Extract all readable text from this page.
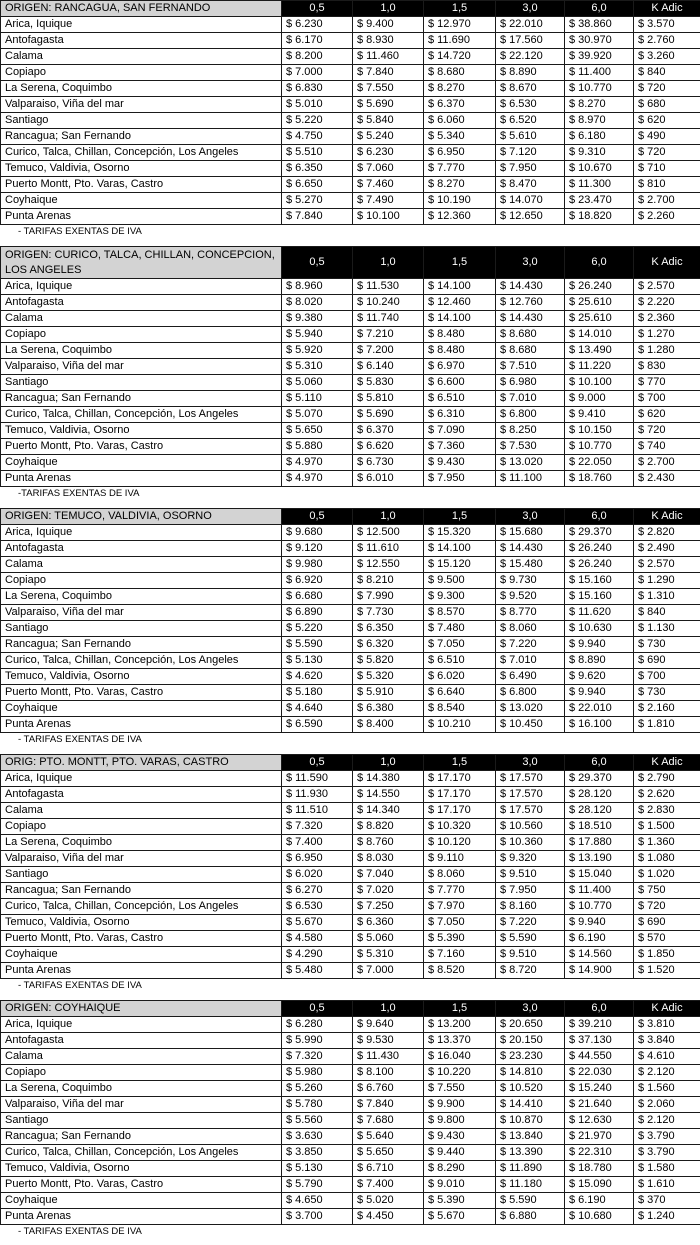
ORIGEN: RANCAGUA, SAN FERNANDO	0,5	1,0	1,5	3,0	6,0	K Adic
Arica, Iquique	$ 6.230	$ 9.400	$ 12.970	$ 22.010	$ 38.860	$ 3.570
Antofagasta	$ 6.170	$ 8.930	$ 11.690	$ 17.560	$ 30.970	$ 2.760
Calama	$ 8.200	$ 11.460	$ 14.720	$ 22.120	$ 39.920	$ 3.260
Copiapo	$ 7.000	$ 7.840	$ 8.680	$ 8.890	$ 11.400	$ 840
La Serena, Coquimbo	$ 6.830	$ 7.550	$ 8.270	$ 8.670	$ 10.770	$ 720
Valparaiso, Viña del mar	$ 5.010	$ 5.690	$ 6.370	$ 6.530	$ 8.270	$ 680
Santiago	$ 5.220	$ 5.840	$ 6.060	$ 6.520	$ 8.970	$ 620
Rancagua; San Fernando	$ 4.750	$ 5.240	$ 5.340	$ 5.610	$ 6.180	$ 490
Curico, Talca, Chillan, Concepción, Los Angeles	$ 5.510	$ 6.230	$ 6.950	$ 7.120	$ 9.310	$ 720
Temuco, Valdivia, Osorno	$ 6.350	$ 7.060	$ 7.770	$ 7.950	$ 10.670	$ 710
Puerto Montt, Pto. Varas, Castro	$ 6.650	$ 7.460	$ 8.270	$ 8.470	$ 11.300	$ 810
Coyhaique	$ 5.270	$ 7.490	$ 10.190	$ 14.070	$ 23.470	$ 2.700
Punta Arenas	$ 7.840	$ 10.100	$ 12.360	$ 12.650	$ 18.820	$ 2.260
- TARIFAS EXENTAS DE IVA
ORIGEN: CURICO, TALCA, CHILLAN, CONCEPCION, LOS ANGELES	0,5	1,0	1,5	3,0	6,0	K Adic
Arica, Iquique	$ 8.960	$ 11.530	$ 14.100	$ 14.430	$ 26.240	$ 2.570
Antofagasta	$ 8.020	$ 10.240	$ 12.460	$ 12.760	$ 25.610	$ 2.220
Calama	$ 9.380	$ 11.740	$ 14.100	$ 14.430	$ 25.610	$ 2.360
Copiapo	$ 5.940	$ 7.210	$ 8.480	$ 8.680	$ 14.010	$ 1.270
La Serena, Coquimbo	$ 5.920	$ 7.200	$ 8.480	$ 8.680	$ 13.490	$ 1.280
Valparaiso, Viña del mar	$ 5.310	$ 6.140	$ 6.970	$ 7.510	$ 11.220	$ 830
Santiago	$ 5.060	$ 5.830	$ 6.600	$ 6.980	$ 10.100	$ 770
Rancagua; San Fernando	$ 5.110	$ 5.810	$ 6.510	$ 7.010	$ 9.000	$ 700
Curico, Talca, Chillan, Concepción, Los Angeles	$ 5.070	$ 5.690	$ 6.310	$ 6.800	$ 9.410	$ 620
Temuco, Valdivia, Osorno	$ 5.650	$ 6.370	$ 7.090	$ 8.250	$ 10.150	$ 720
Puerto Montt, Pto. Varas, Castro	$ 5.880	$ 6.620	$ 7.360	$ 7.530	$ 10.770	$ 740
Coyhaique	$ 4.970	$ 6.730	$ 9.430	$ 13.020	$ 22.050	$ 2.700
Punta Arenas	$ 4.970	$ 6.010	$ 7.950	$ 11.100	$ 18.760	$ 2.430
-TARIFAS EXENTAS DE IVA
ORIGEN: TEMUCO, VALDIVIA, OSORNO	0,5	1,0	1,5	3,0	6,0	K Adic
Arica, Iquique	$ 9.680	$ 12.500	$ 15.320	$ 15.680	$ 29.370	$ 2.820
Antofagasta	$ 9.120	$ 11.610	$ 14.100	$ 14.430	$ 26.240	$ 2.490
Calama	$ 9.980	$ 12.550	$ 15.120	$ 15.480	$ 26.240	$ 2.570
Copiapo	$ 6.920	$ 8.210	$ 9.500	$ 9.730	$ 15.160	$ 1.290
La Serena, Coquimbo	$ 6.680	$ 7.990	$ 9.300	$ 9.520	$ 15.160	$ 1.310
Valparaiso, Viña del mar	$ 6.890	$ 7.730	$ 8.570	$ 8.770	$ 11.620	$ 840
Santiago	$ 5.220	$ 6.350	$ 7.480	$ 8.060	$ 10.630	$ 1.130
Rancagua; San Fernando	$ 5.590	$ 6.320	$ 7.050	$ 7.220	$ 9.940	$ 730
Curico, Talca, Chillan, Concepción, Los Angeles	$ 5.130	$ 5.820	$ 6.510	$ 7.010	$ 8.890	$ 690
Temuco, Valdivia, Osorno	$ 4.620	$ 5.320	$ 6.020	$ 6.490	$ 9.620	$ 700
Puerto Montt, Pto. Varas, Castro	$ 5.180	$ 5.910	$ 6.640	$ 6.800	$ 9.940	$ 730
Coyhaique	$ 4.640	$ 6.380	$ 8.540	$ 13.020	$ 22.010	$ 2.160
Punta Arenas	$ 6.590	$ 8.400	$ 10.210	$ 10.450	$ 16.100	$ 1.810
- TARIFAS EXENTAS DE IVA
ORIG: PTO. MONTT, PTO. VARAS, CASTRO	0,5	1,0	1,5	3,0	6,0	K Adic
Arica, Iquique	$ 11.590	$ 14.380	$ 17.170	$ 17.570	$ 29.370	$ 2.790
Antofagasta	$ 11.930	$ 14.550	$ 17.170	$ 17.570	$ 28.120	$ 2.620
Calama	$ 11.510	$ 14.340	$ 17.170	$ 17.570	$ 28.120	$ 2.830
Copiapo	$ 7.320	$ 8.820	$ 10.320	$ 10.560	$ 18.510	$ 1.500
La Serena, Coquimbo	$ 7.400	$ 8.760	$ 10.120	$ 10.360	$ 17.880	$ 1.360
Valparaiso, Viña del mar	$ 6.950	$ 8.030	$ 9.110	$ 9.320	$ 13.190	$ 1.080
Santiago	$ 6.020	$ 7.040	$ 8.060	$ 9.510	$ 15.040	$ 1.020
Rancagua; San Fernando	$ 6.270	$ 7.020	$ 7.770	$ 7.950	$ 11.400	$ 750
Curico, Talca, Chillan, Concepción, Los Angeles	$ 6.530	$ 7.250	$ 7.970	$ 8.160	$ 10.770	$ 720
Temuco, Valdivia, Osorno	$ 5.670	$ 6.360	$ 7.050	$ 7.220	$ 9.940	$ 690
Puerto Montt, Pto. Varas, Castro	$ 4.580	$ 5.060	$ 5.390	$ 5.590	$ 6.190	$ 570
Coyhaique	$ 4.290	$ 5.310	$ 7.160	$ 9.510	$ 14.560	$ 1.850
Punta Arenas	$ 5.480	$ 7.000	$ 8.520	$ 8.720	$ 14.900	$ 1.520
- TARIFAS EXENTAS DE IVA
ORIGEN: COYHAIQUE	0,5	1,0	1,5	3,0	6,0	K Adic
Arica, Iquique	$ 6.280	$ 9.640	$ 13.200	$ 20.650	$ 39.210	$ 3.810
Antofagasta	$ 5.990	$ 9.530	$ 13.370	$ 20.150	$ 37.130	$ 3.840
Calama	$ 7.320	$ 11.430	$ 16.040	$ 23.230	$ 44.550	$ 4.610
Copiapo	$ 5.980	$ 8.100	$ 10.220	$ 14.810	$ 22.030	$ 2.120
La Serena, Coquimbo	$ 5.260	$ 6.760	$ 7.550	$ 10.520	$ 15.240	$ 1.560
Valparaiso, Viña del mar	$ 5.780	$ 7.840	$ 9.900	$ 14.410	$ 21.640	$ 2.060
Santiago	$ 5.560	$ 7.680	$ 9.800	$ 10.870	$ 12.630	$ 2.120
Rancagua; San Fernando	$ 3.630	$ 5.640	$ 9.430	$ 13.840	$ 21.970	$ 3.790
Curico, Talca, Chillan, Concepción, Los Angeles	$ 3.850	$ 5.650	$ 9.440	$ 13.390	$ 22.310	$ 3.790
Temuco, Valdivia, Osorno	$ 5.130	$ 6.710	$ 8.290	$ 11.890	$ 18.780	$ 1.580
Puerto Montt, Pto. Varas, Castro	$ 5.790	$ 7.400	$ 9.010	$ 11.180	$ 15.090	$ 1.610
Coyhaique	$ 4.650	$ 5.020	$ 5.390	$ 5.590	$ 6.190	$ 370
Punta Arenas	$ 3.700	$ 4.450	$ 5.670	$ 6.880	$ 10.680	$ 1.240
- TARIFAS EXENTAS DE IVA
